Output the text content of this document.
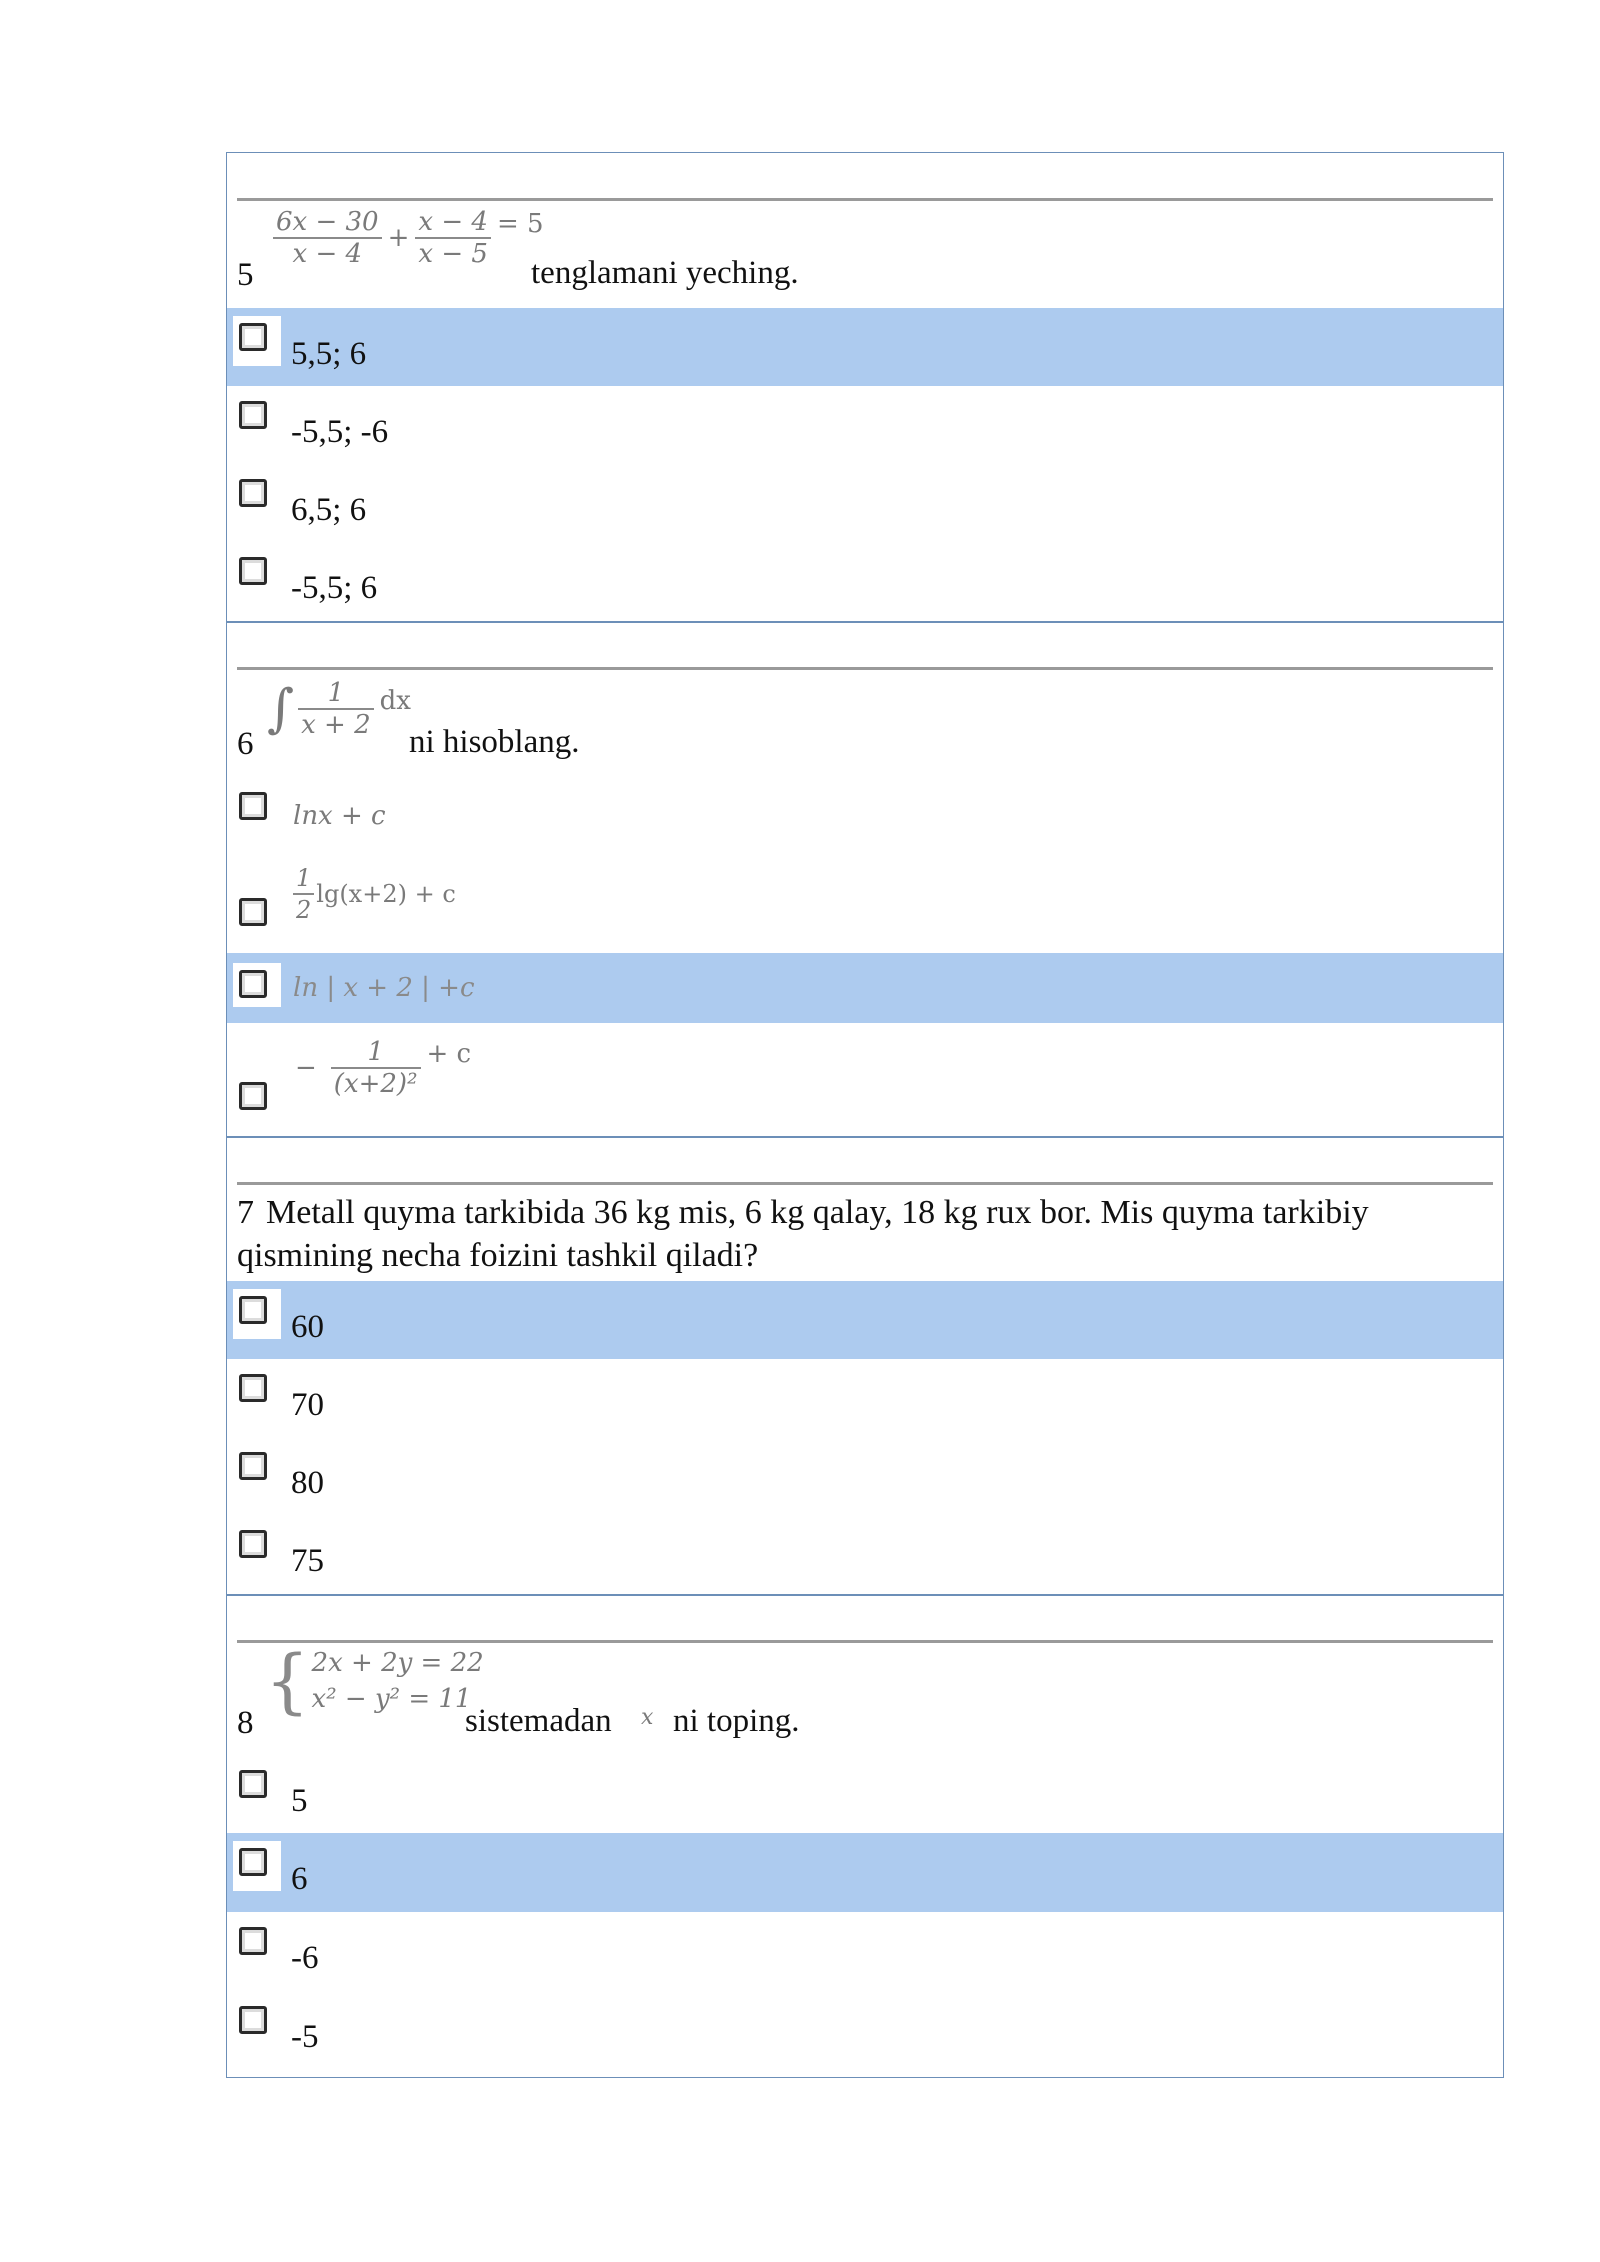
$\frac{6x - 30}{x - 4} + \frac{x - 4}{x - 5} = 5$
5	tenglamani yeching.
5,5; 6
-5,5; -6
6,5; 6
-5,5; 6
∫ $\frac{1}{x + 2}$ dx
6	ni hisoblang.
lnx + c
$\frac{1}{2} \lg(x+2) + c$
ln | x + 2 | +c
− $\frac{1}{\text{(x+2)²}} + c$
7 Metall quyma tarkibida 36 kg mis, 6 kg qalay, 18 kg rux bor. Mis quyma tarkibiy qismining necha foizini tashkil qiladi?
60
70
80
75
{ 2x + 2y = 22
x² − y² = 11
8	sistemadan x ni toping.
5
6
-6
-5
